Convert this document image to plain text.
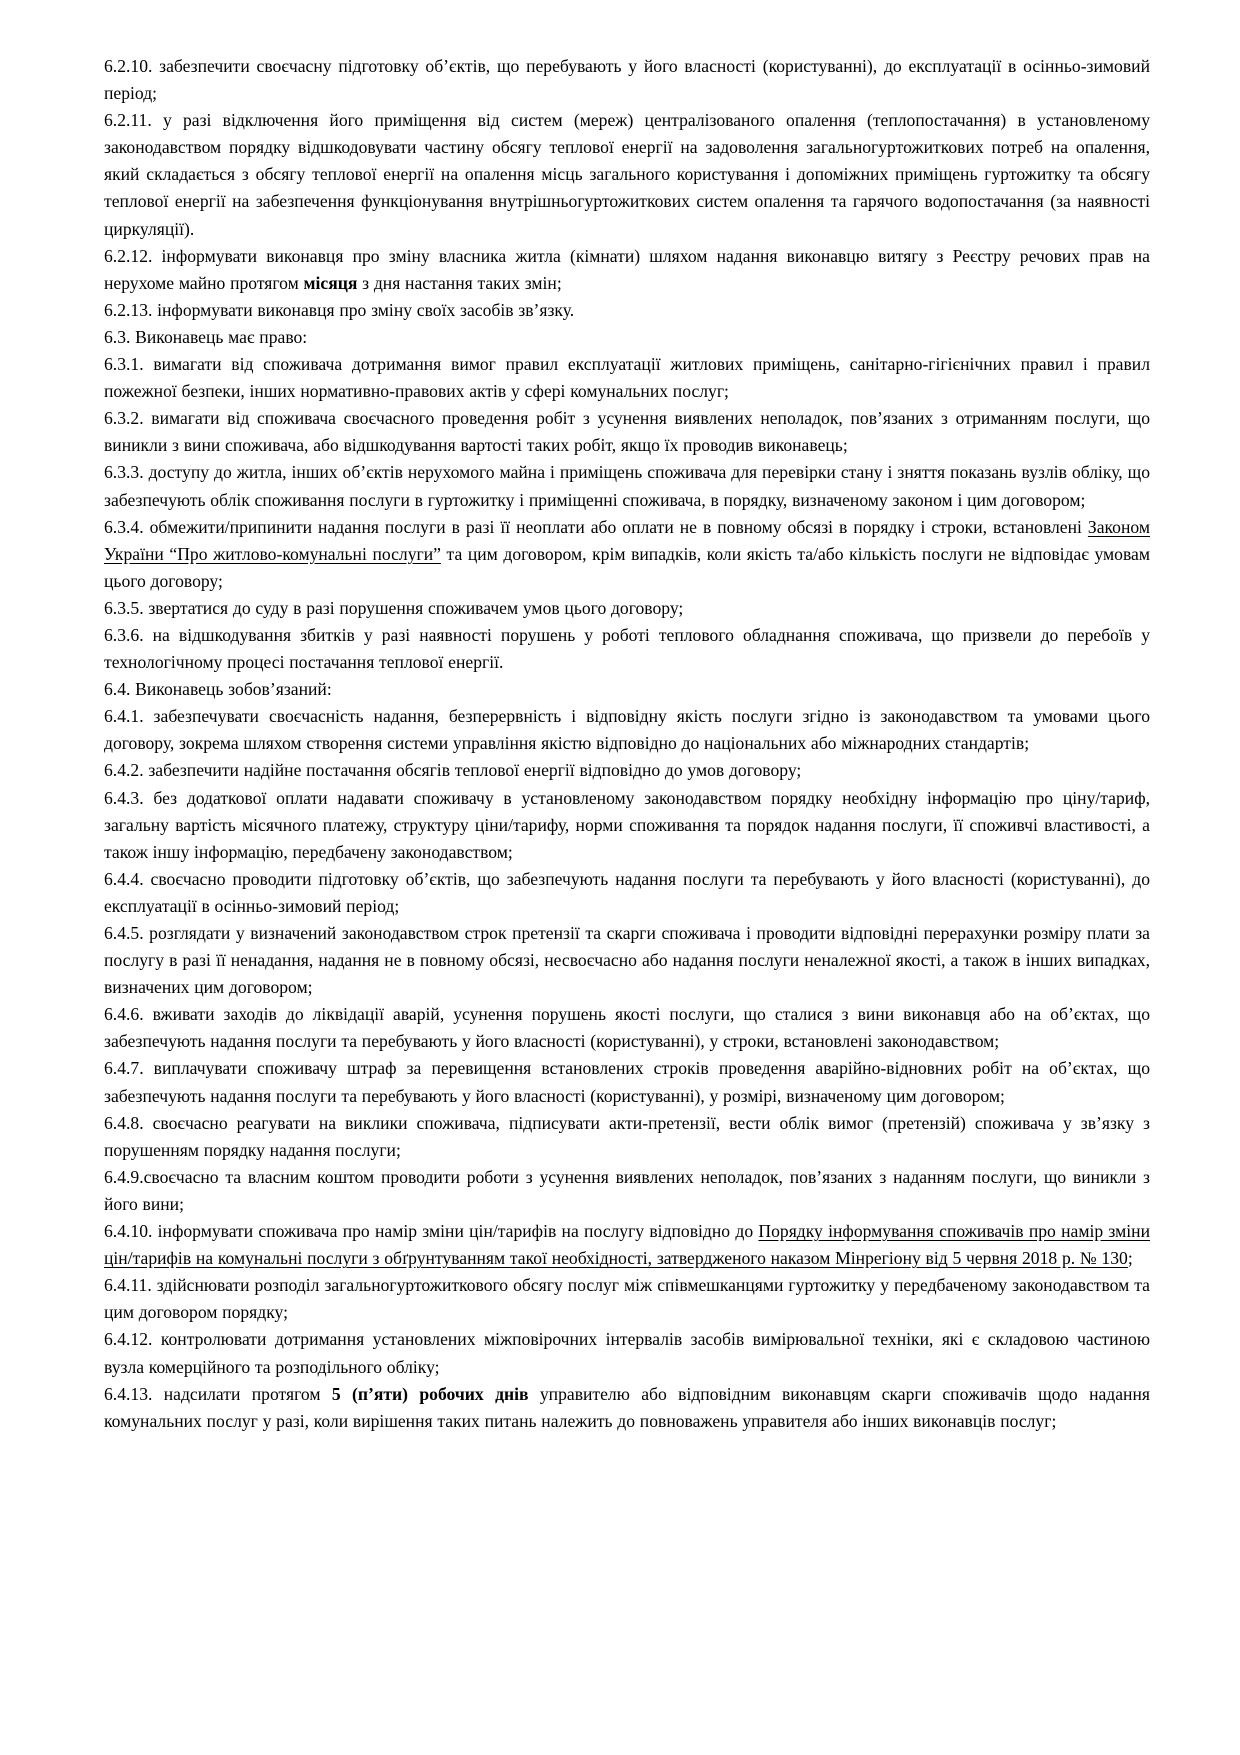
6.2.10. забезпечити своєчасну підготовку об’єктів, що перебувають у його власності (користуванні), до експлуатації в осінньо-зимовий період;

6.2.11. у разі відключення його приміщення від систем (мереж) централізованого опалення (теплопостачання) в установленому законодавством порядку відшкодовувати частину обсягу теплової енергії на задоволення загальногуртожиткових потреб на опалення, який складається з обсягу теплової енергії на опалення місць загального користування і допоміжних приміщень гуртожитку та обсягу теплової енергії на забезпечення функціонування внутрішньогуртожиткових систем опалення та гарячого водопостачання (за наявності циркуляції).

6.2.12. інформувати виконавця про зміну власника житла (кімнати) шляхом надання виконавцю витягу з Реєстру речових прав на нерухоме майно протягом місяця з дня настання таких змін;

6.2.13. інформувати виконавця про зміну своїх засобів зв’язку.

6.3. Виконавець має право:

6.3.1. вимагати від споживача дотримання вимог правил експлуатації житлових приміщень, санітарно-гігієнічних правил і правил пожежної безпеки, інших нормативно-правових актів у сфері комунальних послуг;

6.3.2. вимагати від споживача своєчасного проведення робіт з усунення виявлених неполадок, пов’язаних з отриманням послуги, що виникли з вини споживача, або відшкодування вартості таких робіт, якщо їх проводив виконавець;

6.3.3. доступу до житла, інших об’єктів нерухомого майна і приміщень споживача для перевірки стану і зняття показань вузлів обліку, що забезпечують облік споживання послуги в гуртожитку і приміщенні споживача, в порядку, визначеному законом і цим договором;

6.3.4. обмежити/припинити надання послуги в разі її неоплати або оплати не в повному обсязі в порядку і строки, встановлені Законом України “Про житлово-комунальні послуги” та цим договором, крім випадків, коли якість та/або кількість послуги не відповідає умовам цього договору;

6.3.5. звертатися до суду в разі порушення споживачем умов цього договору;

6.3.6. на відшкодування збитків у разі наявності порушень у роботі теплового обладнання споживача, що призвели до перебоїв у технологічному процесі постачання теплової енергії.

6.4. Виконавець зобов’язаний:

6.4.1. забезпечувати своєчасність надання, безперервність і відповідну якість послуги згідно із законодавством та умовами цього договору, зокрема шляхом створення системи управління якістю відповідно до національних або міжнародних стандартів;

6.4.2. забезпечити надійне постачання обсягів теплової енергії відповідно до умов договору;

6.4.3. без додаткової оплати надавати споживачу в установленому законодавством порядку необхідну інформацію про ціну/тариф, загальну вартість місячного платежу, структуру ціни/тарифу, норми споживання та порядок надання послуги, її споживчі властивості, а також іншу інформацію, передбачену законодавством;

6.4.4. своєчасно проводити підготовку об’єктів, що забезпечують надання послуги та перебувають у його власності (користуванні), до експлуатації в осінньо-зимовий період;

6.4.5. розглядати у визначений законодавством строк претензії та скарги споживача і проводити відповідні перерахунки розміру плати за послугу в разі її ненадання, надання не в повному обсязі, несвоєчасно або надання послуги неналежної якості, а також в інших випадках, визначених цим договором;

6.4.6. вживати заходів до ліквідації аварій, усунення порушень якості послуги, що сталися з вини виконавця або на об’єктах, що забезпечують надання послуги та перебувають у його власності (користуванні), у строки, встановлені законодавством;

6.4.7. виплачувати споживачу штраф за перевищення встановлених строків проведення аварійно-відновних робіт на об’єктах, що забезпечують надання послуги та перебувають у його власності (користуванні), у розмірі, визначеному цим договором;

6.4.8. своєчасно реагувати на виклики споживача, підписувати акти-претензії, вести облік вимог (претензій) споживача у зв’язку з порушенням порядку надання послуги;

6.4.9.своєчасно та власним коштом проводити роботи з усунення виявлених неполадок, пов’язаних з наданням послуги, що виникли з його вини;

6.4.10. інформувати споживача про намір зміни цін/тарифів на послугу відповідно до Порядку інформування споживачів про намір зміни цін/тарифів на комунальні послуги з обґрунтуванням такої необхідності, затвердженого наказом Мінрегіону від 5 червня 2018 р. № 130;

6.4.11. здійснювати розподіл загальногуртожиткового обсягу послуг між співмешканцями гуртожитку у передбаченому законодавством та цим договором порядку;

6.4.12. контролювати дотримання установлених міжповірочних інтервалів засобів вимірювальної техніки, які є складовою частиною вузла комерційного та розподільного обліку;

6.4.13. надсилати протягом 5 (п’яти) робочих днів управителю або відповідним виконавцям скарги споживачів щодо надання комунальних послуг у разі, коли вирішення таких питань належить до повноважень управителя або інших виконавців послуг;
